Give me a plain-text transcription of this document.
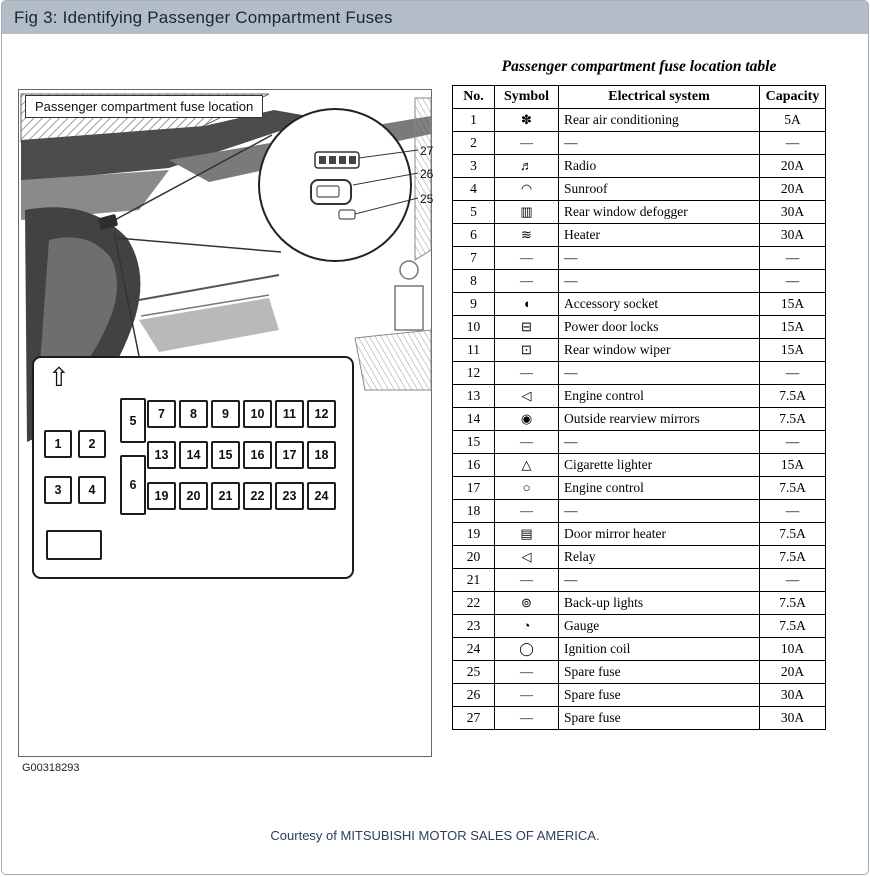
Fig 3: Identifying Passenger Compartment Fuses
Passenger compartment fuse location
27
26
25
⇧
1	2
3	4
5
6
7	8	9	10	11	12
13	14	15	16	17	18
19	20	21	22	23	24
G00318293
Passenger compartment fuse location table
No.	Symbol	Electrical system	Capacity
1	✽	Rear air conditioning	5A
2	—	—	—
3	♬	Radio	20A
4	◠	Sunroof	20A
5	▥	Rear window defogger	30A
6	≋	Heater	30A
7	—	—	—
8	—	—	—
9	◖	Accessory socket	15A
10	⊟	Power door locks	15A
11	⊡	Rear window wiper	15A
12	—	—	—
13	◁	Engine control	7.5A
14	◉	Outside rearview mirrors	7.5A
15	—	—	—
16	△	Cigarette lighter	15A
17	○	Engine control	7.5A
18	—	—	—
19	▤	Door mirror heater	7.5A
20	◁	Relay	7.5A
21	—	—	—
22	⊚	Back-up lights	7.5A
23	◔	Gauge	7.5A
24	◯	Ignition coil	10A
25	—	Spare fuse	20A
26	—	Spare fuse	30A
27	—	Spare fuse	30A
Courtesy of MITSUBISHI MOTOR SALES OF AMERICA.
